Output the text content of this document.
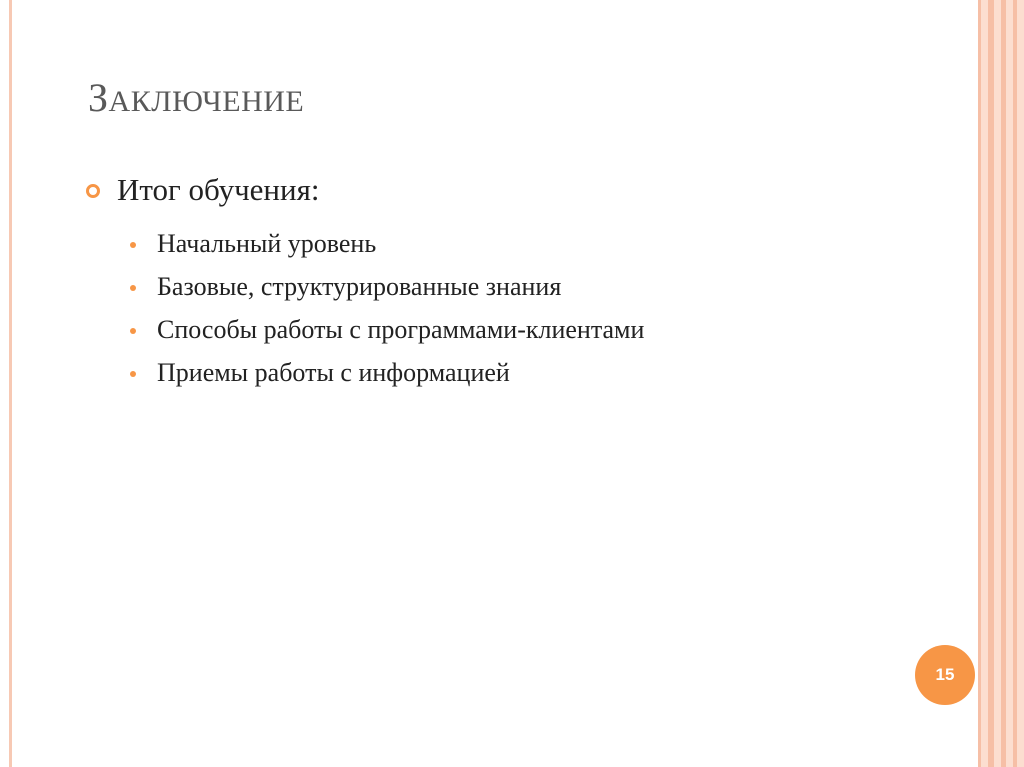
ЗАКЛЮЧЕНИЕ
Итог обучения:
Начальный уровень
Базовые, структурированные знания
Способы работы с программами-клиентами
Приемы работы с информацией
15
